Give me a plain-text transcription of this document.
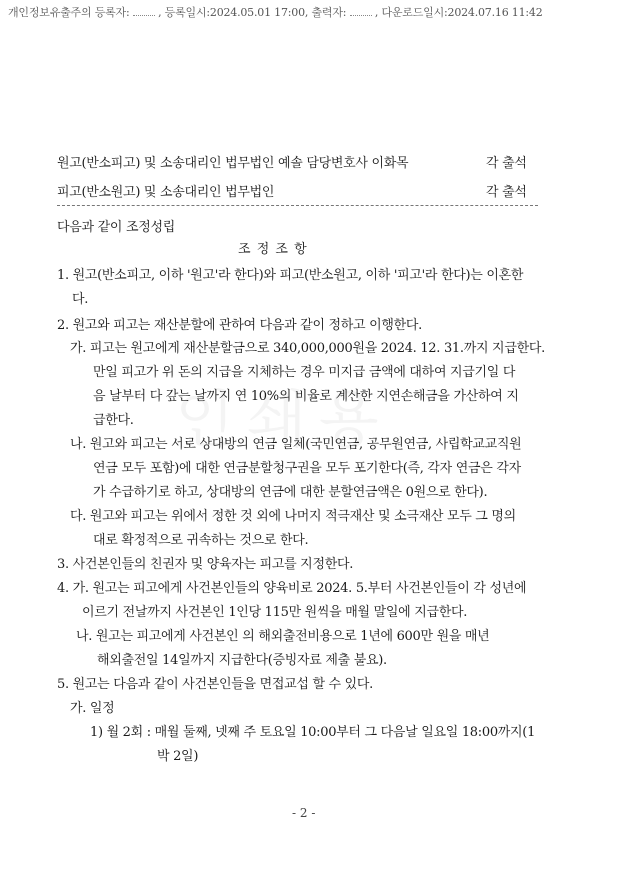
개인정보유출주의 등록자:	, 등록일시:2024.05.01 17:00, 출력자:	, 다운로드일시:2024.07.16 11:42
원고(반소피고) 및 소송대리인 법무법인 예솔 담당변호사 이화목	각 출석
피고(반소원고) 및 소송대리인 법무법인	각 출석
다음과 같이 조정성립
조 정 조 항
1. 원고(반소피고, 이하 '원고'라 한다)와 피고(반소원고, 이하 '피고'라 한다)는 이혼한
다.
2. 원고와 피고는 재산분할에 관하여 다음과 같이 정하고 이행한다.
가. 피고는 원고에게 재산분할금으로 340,000,000원을 2024. 12. 31.까지 지급한다.
만일 피고가 위 돈의 지급을 지체하는 경우 미지급 금액에 대하여 지급기일 다
음 날부터 다 갚는 날까지 연 10%의 비율로 계산한 지연손해금을 가산하여 지
급한다.
나. 원고와 피고는 서로 상대방의 연금 일체(국민연금, 공무원연금, 사립학교교직원
연금 모두 포함)에 대한 연금분할청구권을 모두 포기한다(즉, 각자 연금은 각자
가 수급하기로 하고, 상대방의 연금에 대한 분할연금액은 0원으로 한다).
다. 원고와 피고는 위에서 정한 것 외에 나머지 적극재산 및 소극재산 모두 그 명의
대로 확정적으로 귀속하는 것으로 한다.
3. 사건본인들의 친권자 및 양육자는 피고를 지정한다.
4. 가. 원고는 피고에게 사건본인들의 양육비로 2024. 5.부터 사건본인들이 각 성년에
이르기 전날까지 사건본인 1인당 115만 원씩을 매월 말일에 지급한다.
나. 원고는 피고에게 사건본인 의 해외출전비용으로 1년에 600만 원을 매년
해외출전일 14일까지 지급한다(증빙자료 제출 불요).
5. 원고는 다음과 같이 사건본인들을 면접교섭 할 수 있다.
가. 일정
1) 월 2회 : 매월 둘째, 넷째 주 토요일 10:00부터 그 다음날 일요일 18:00까지(1
박 2일)
- 2 -
